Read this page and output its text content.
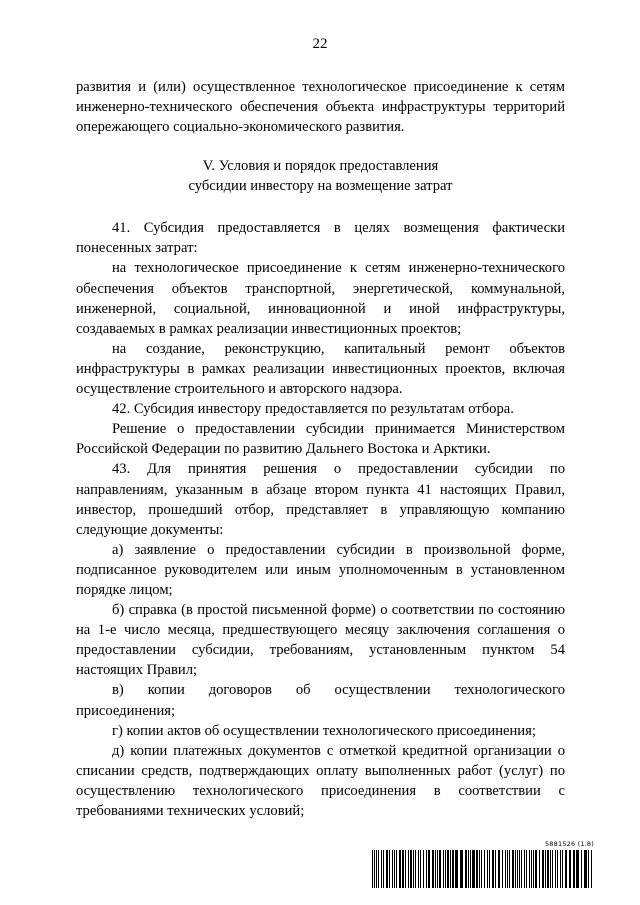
22

развития и (или) осуществленное технологическое присоединение к сетям инженерно-технического обеспечения объекта инфраструктуры территорий опережающего социально-экономического развития.

V. Условия и порядок предоставления
субсидии инвестору на возмещение затрат

41. Субсидия предоставляется в целях возмещения фактически понесенных затрат:

на технологическое присоединение к сетям инженерно-технического обеспечения объектов транспортной, энергетической, коммунальной, инженерной, социальной, инновационной и иной инфраструктуры, создаваемых в рамках реализации инвестиционных проектов;

на создание, реконструкцию, капитальный ремонт объектов инфраструктуры в рамках реализации инвестиционных проектов, включая осуществление строительного и авторского надзора.

42. Субсидия инвестору предоставляется по результатам отбора.

Решение о предоставлении субсидии принимается Министерством Российской Федерации по развитию Дальнего Востока и Арктики.

43. Для принятия решения о предоставлении субсидии по направлениям, указанным в абзаце втором пункта 41 настоящих Правил, инвестор, прошедший отбор, представляет в управляющую компанию следующие документы:

а) заявление о предоставлении субсидии в произвольной форме, подписанное руководителем или иным уполномоченным в установленном порядке лицом;

б) справка (в простой письменной форме) о соответствии по состоянию на 1-е число месяца, предшествующего месяцу заключения соглашения о предоставлении субсидии, требованиям, установленным пунктом 54 настоящих Правил;

в) копии договоров об осуществлении технологического присоединения;

г) копии актов об осуществлении технологического присоединения;

д) копии платежных документов с отметкой кредитной организации о списании средств, подтверждающих оплату выполненных работ (услуг) по осуществлению технологического присоединения в соответствии с требованиями технических условий;

5881526 (1.8)
